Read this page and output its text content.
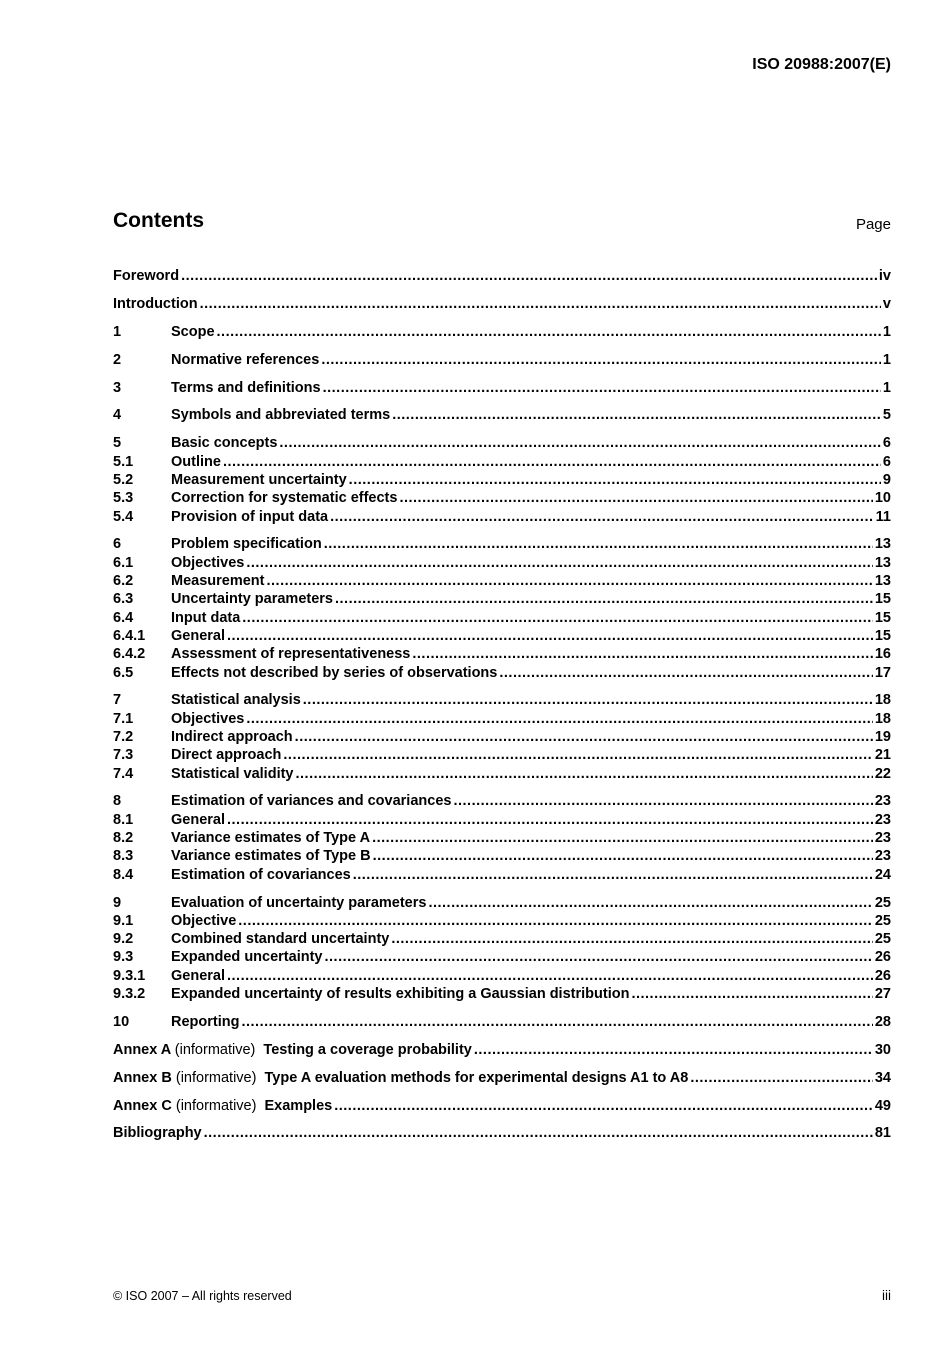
ISO 20988:2007(E)
Contents	Page
Foreword .....	iv
Introduction .....	v
1	Scope .....	1
2	Normative references .....	1
3	Terms and definitions .....	1
4	Symbols and abbreviated terms .....	5
5	Basic concepts .....	6
5.1	Outline .....	6
5.2	Measurement uncertainty .....	9
5.3	Correction for systematic effects .....	10
5.4	Provision of input data .....	11
6	Problem specification .....	13
6.1	Objectives .....	13
6.2	Measurement .....	13
6.3	Uncertainty parameters .....	15
6.4	Input data .....	15
6.4.1	General .....	15
6.4.2	Assessment of representativeness .....	16
6.5	Effects not described by series of observations .....	17
7	Statistical analysis .....	18
7.1	Objectives .....	18
7.2	Indirect approach .....	19
7.3	Direct approach .....	21
7.4	Statistical validity .....	22
8	Estimation of variances and covariances .....	23
8.1	General .....	23
8.2	Variance estimates of Type A .....	23
8.3	Variance estimates of Type B .....	23
8.4	Estimation of covariances .....	24
9	Evaluation of uncertainty parameters .....	25
9.1	Objective .....	25
9.2	Combined standard uncertainty .....	25
9.3	Expanded uncertainty .....	26
9.3.1	General .....	26
9.3.2	Expanded uncertainty of results exhibiting a Gaussian distribution .....	27
10	Reporting .....	28
Annex A (informative) Testing a coverage probability .....	30
Annex B (informative) Type A evaluation methods for experimental designs A1 to A8 .....	34
Annex C (informative) Examples .....	49
Bibliography .....	81
© ISO 2007 – All rights reserved	iii
